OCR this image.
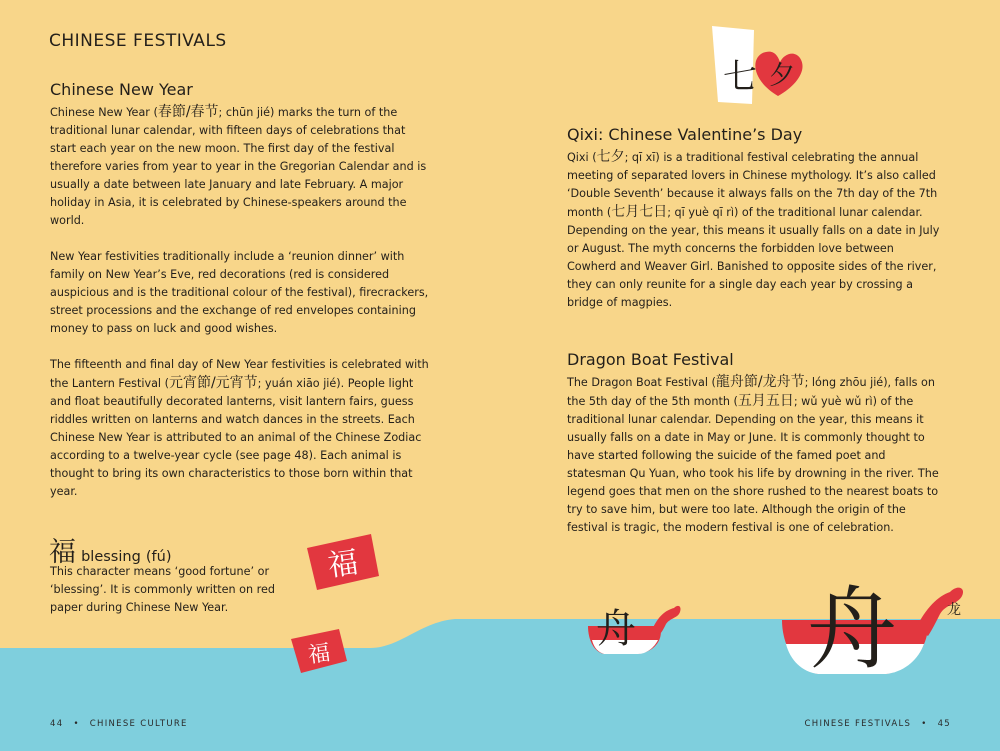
CHINESE FESTIVALS
Chinese New Year

Chinese New Year (春節/春节; chūn jié) marks the turn of the traditional lunar calendar, with fifteen days of celebrations that start each year on the new moon. The first day of the festival therefore varies from year to year in the Gregorian Calendar and is usually a date between late January and late February. A major holiday in Asia, it is celebrated by Chinese-speakers around the world.

New Year festivities traditionally include a ‘reunion dinner’ with family on New Year’s Eve, red decorations (red is considered auspicious and is the traditional colour of the festival), firecrackers, street processions and the exchange of red envelopes containing money to pass on luck and good wishes.

The fifteenth and final day of New Year festivities is celebrated with the Lantern Festival (元宵節/元宵节; yuán xiāo jié). People light and float beautifully decorated lanterns, visit lantern fairs, guess riddles written on lanterns and watch dances in the streets. Each Chinese New Year is attributed to an animal of the Chinese Zodiac according to a twelve-year cycle (see page 48). Each animal is thought to bring its own characteristics to those born within that year.

福 blessing (fú)
This character means ‘good fortune’ or ‘blessing’. It is commonly written on red paper during Chinese New Year.
福
福
七 夕
Qixi: Chinese Valentine’s Day

Qixi (七夕; qī xī) is a traditional festival celebrating the annual meeting of separated lovers in Chinese mythology. It’s also called ‘Double Seventh’ because it always falls on the 7th day of the 7th month (七月七日; qī yuè qī rì) of the traditional lunar calendar. Depending on the year, this means it usually falls on a date in July or August. The myth concerns the forbidden love between Cowherd and Weaver Girl. Banished to opposite sides of the river, they can only reunite for a single day each year by crossing a bridge of magpies.

Dragon Boat Festival

The Dragon Boat Festival (龍舟節/龙舟节; lóng zhōu jié), falls on the 5th day of the 5th month (五月五日; wǔ yuè wǔ rì) of the traditional lunar calendar. Depending on the year, this means it usually falls on a date in May or June. It is commonly thought to have started following the suicide of the famed poet and statesman Qu Yuan, who took his life by drowning in the river. The legend goes that men on the shore rushed to the nearest boats to try to save him, but were too late. Although the origin of the festival is tragic, the modern festival is one of celebration.

舟 舟	龙
44 • CHINESE CULTURE	CHINESE FESTIVALS • 45
